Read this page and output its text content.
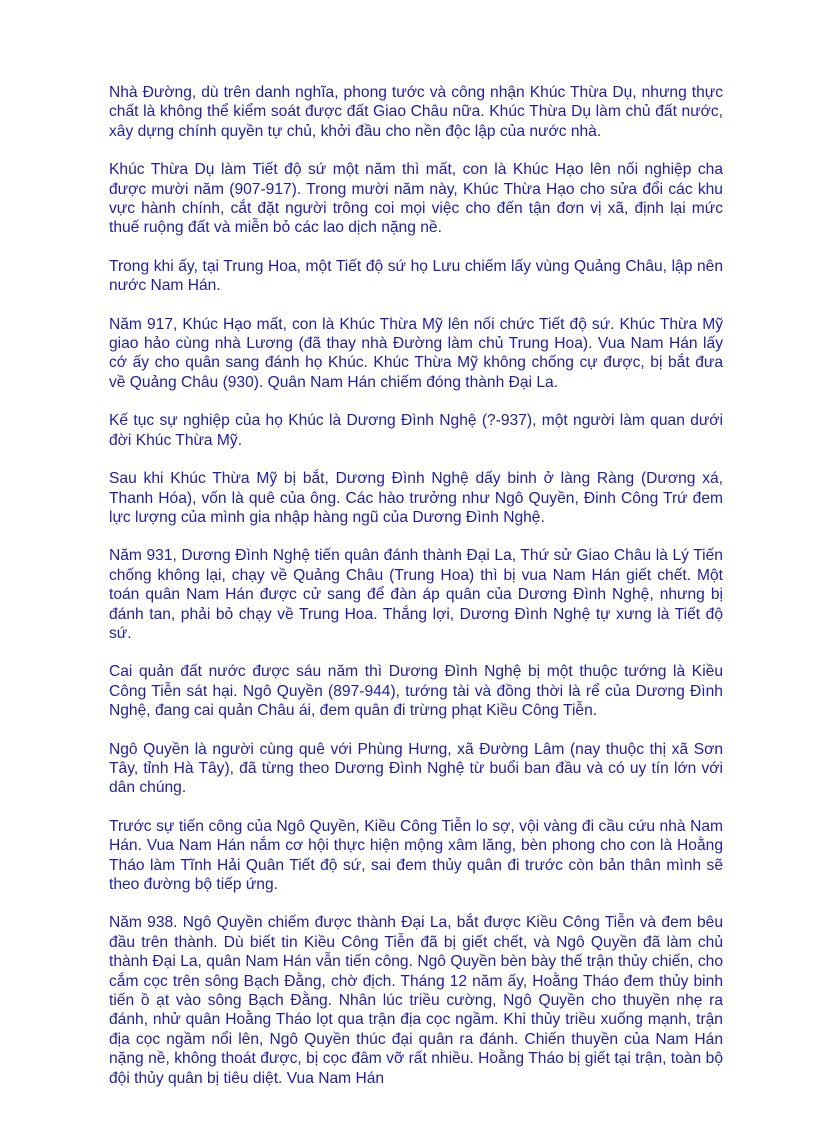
Nhà Đường, dù trên danh nghĩa, phong tước và công nhận Khúc Thừa Dụ, nhưng thực chất là không thể kiểm soát được đất Giao Châu nữa. Khúc Thừa Dụ làm chủ đất nước, xây dựng chính quyền tự chủ, khởi đầu cho nền độc lập của nước nhà.

Khúc Thừa Dụ làm Tiết độ sứ một năm thì mất, con là Khúc Hạo lên nối nghiệp cha được mười năm (907-917). Trong mười năm này, Khúc Thừa Hạo cho sửa đổi các khu vực hành chính, cắt đặt người trông coi mọi việc cho đến tận đơn vị xã, định lại mức thuế ruộng đất và miễn bỏ các lao dịch nặng nề.

Trong khi ấy, tại Trung Hoa, một Tiết độ sứ họ Lưu chiếm lấy vùng Quảng Châu, lập nên nước Nam Hán.

Năm 917, Khúc Hạo mất, con là Khúc Thừa Mỹ lên nối chức Tiết độ sứ. Khúc Thừa Mỹ giao hảo cùng nhà Lương (đã thay nhà Đường làm chủ Trung Hoa). Vua Nam Hán lấy cớ ấy cho quân sang đánh họ Khúc. Khúc Thừa Mỹ không chống cự được, bị bắt đưa về Quảng Châu (930). Quân Nam Hán chiếm đóng thành Đại La.

Kế tục sự nghiệp của họ Khúc là Dương Đình Nghệ (?-937), một người làm quan dưới đời Khúc Thừa Mỹ.

Sau khi Khúc Thừa Mỹ bị bắt, Dương Đình Nghệ dấy binh ở làng Ràng (Dương xá, Thanh Hóa), vốn là quê của ông. Các hào trưởng như Ngô Quyền, Đinh Công Trứ đem lực lượng của mình gia nhập hàng ngũ của Dương Đình Nghệ.

Năm 931, Dương Đình Nghệ tiến quân đánh thành Đại La, Thứ sử Giao Châu là Lý Tiến chống không lại, chạy về Quảng Châu (Trung Hoa) thì bị vua Nam Hán giết chết. Một toán quân Nam Hán được cử sang để đàn áp quân của Dương Đình Nghệ, nhưng bị đánh tan, phải bỏ chạy về Trung Hoa. Thắng lợi, Dương Đình Nghệ tự xưng là Tiết độ sứ.

Cai quản đất nước được sáu năm thì Dương Đình Nghệ bị một thuộc tướng là Kiều Công Tiễn sát hại. Ngô Quyền (897-944), tướng tài và đồng thời là rể của Dương Đình Nghệ, đang cai quản Châu ái, đem quân đi trừng phạt Kiều Công Tiễn.

Ngô Quyền là người cùng quê với Phùng Hưng, xã Đường Lâm (nay thuộc thị xã Sơn Tây, tỉnh Hà Tây), đã từng theo Dương Đình Nghệ từ buổi ban đầu và có uy tín lớn với dân chúng.

Trước sự tiến công của Ngô Quyền, Kiều Công Tiễn lo sợ, vội vàng đi cầu cứu nhà Nam Hán. Vua Nam Hán nắm cơ hội thực hiện mộng xâm lăng, bèn phong cho con là Hoằng Tháo làm Tĩnh Hải Quân Tiết độ sứ, sai đem thủy quân đi trước còn bản thân mình sẽ theo đường bộ tiếp ứng.

Năm 938. Ngô Quyền chiếm được thành Đại La, bắt được Kiều Công Tiễn và đem bêu đầu trên thành. Dù biết tin Kiều Công Tiễn đã bị giết chết, và Ngô Quyền đã làm chủ thành Đại La, quân Nam Hán vẫn tiến công. Ngô Quyền bèn bày thế trận thủy chiến, cho cắm cọc trên sông Bạch Đằng, chờ địch. Tháng 12 năm ấy, Hoằng Tháo đem thủy binh tiến ồ ạt vào sông Bạch Đằng. Nhân lúc triều cường, Ngô Quyền cho thuyền nhẹ ra đánh, nhử quân Hoằng Tháo lọt qua trận địa cọc ngầm. Khi thủy triều xuống mạnh, trận địa cọc ngầm nổi lên, Ngô Quyền thúc đại quân ra đánh. Chiến thuyền của Nam Hán nặng nề, không thoát được, bị cọc đâm vỡ rất nhiều. Hoằng Tháo bị giết tại trận, toàn bộ đội thủy quân bị tiêu diệt. Vua Nam Hán
